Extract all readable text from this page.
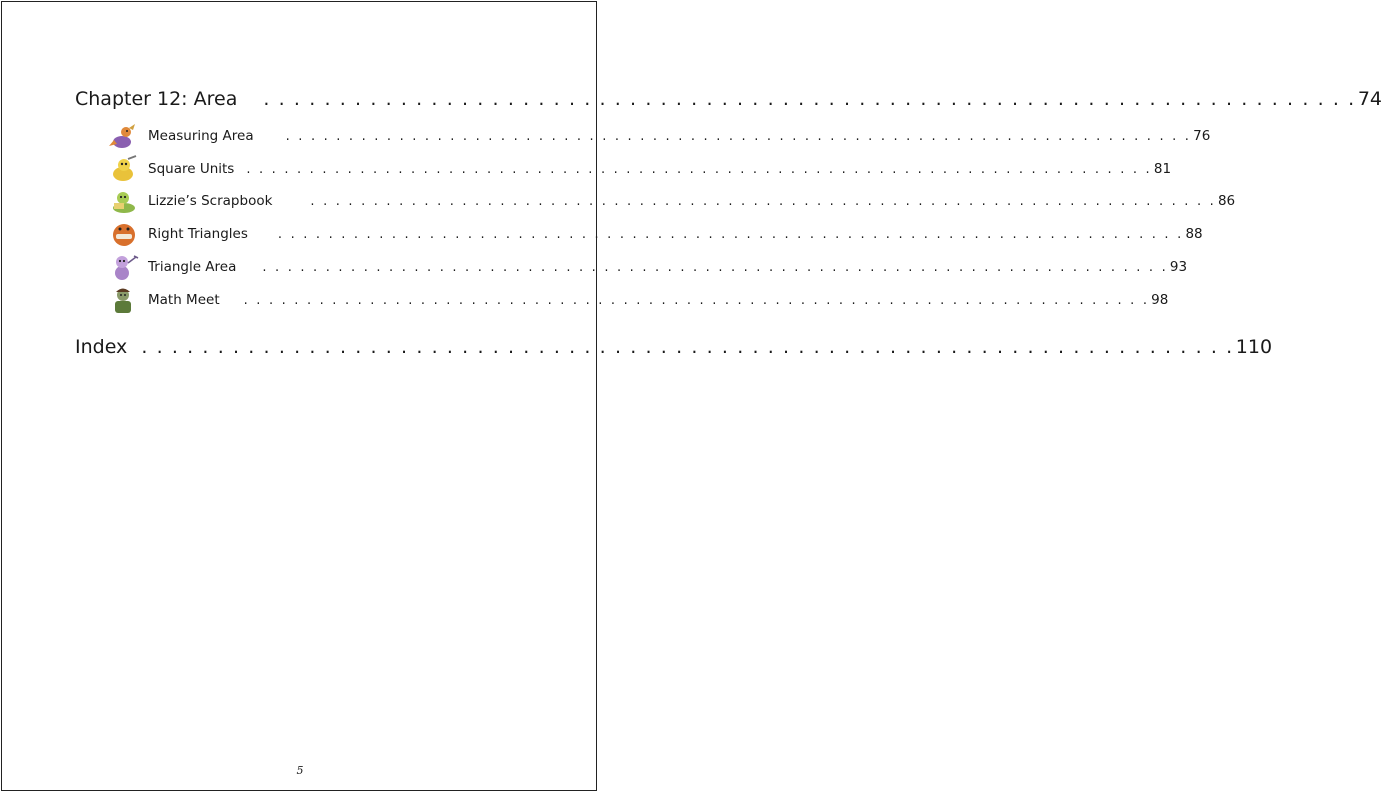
Chapter 12: Area . . . . . . . . . . . . . . . . . . . . . . . . . . . . . . . . . . . . . . . . . . . . . . . . . . . . . . . . . . . . . . . . . . . . . . . . 74
Measuring Area	. . . . . . . . . . . . . . . . . . . . . . . . . . . . . . . . . . . . . . . . . . . . . . . . . . . . . . . . . . . . . . . . . . . . . . . . 76
Square Units . . . . . . . . . . . . . . . . . . . . . . . . . . . . . . . . . . . . . . . . . . . . . . . . . . . . . . . . . . . . . . . . . . . . . . . . 81
Lizzie’s Scrapbook	. . . . . . . . . . . . . . . . . . . . . . . . . . . . . . . . . . . . . . . . . . . . . . . . . . . . . . . . . . . . . . . . . . . . . . . . 86
Right Triangles	. . . . . . . . . . . . . . . . . . . . . . . . . . . . . . . . . . . . . . . . . . . . . . . . . . . . . . . . . . . . . . . . . . . . . . . . 88
Triangle Area	. . . . . . . . . . . . . . . . . . . . . . . . . . . . . . . . . . . . . . . . . . . . . . . . . . . . . . . . . . . . . . . . . . . . . . . . 93
Math Meet	. . . . . . . . . . . . . . . . . . . . . . . . . . . . . . . . . . . . . . . . . . . . . . . . . . . . . . . . . . . . . . . . . . . . . . . . 98
Index . . . . . . . . . . . . . . . . . . . . . . . . . . . . . . . . . . . . . . . . . . . . . . . . . . . . . . . . . . . . . . . . . . . . . . . . 110
5
